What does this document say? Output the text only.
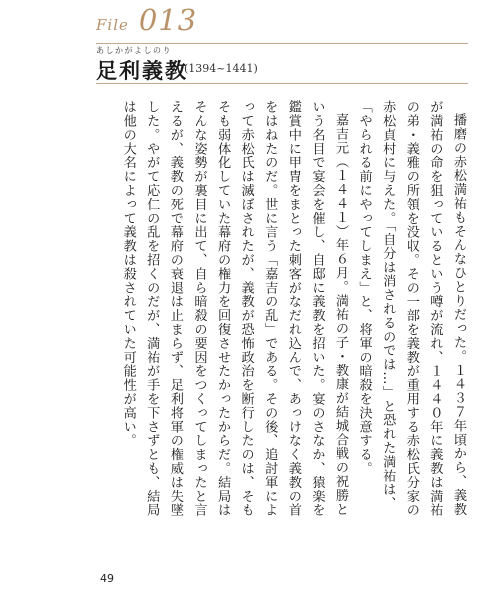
File 013
あしかがよしのり
足利義教
(1394~1441)

播磨の赤松満祐もそんなひとりだった。１４３７年頃から、義教が満祐の命を狙っているという噂が流れ、１４４０年に義教は満祐の弟・義雅の所領を没収。その一部を義教が重用する赤松氏分家の赤松貞村に与えた。「自分は消されるのでは…」と恐れた満祐は、「やられる前にやってしまえ」と、将軍の暗殺を決意する。

嘉吉元（１４４１）年６月。満祐の子・教康が結城合戦の祝勝という名目で宴会を催し、自邸に義教を招いた。宴のさなか、猿楽を鑑賞中に甲冑をまとった刺客がなだれ込んで、あっけなく義教の首をはねたのだ。世に言う「嘉吉の乱」である。その後、追討軍によって赤松氏は滅ぼされたが、義教が恐怖政治を断行したのは、そもそも弱体化していた幕府の権力を回復させたかったからだ。結局はそんな姿勢が裏目に出て、自ら暗殺の要因をつくってしまったと言えるが、義教の死で幕府の衰退は止まらず、足利将軍の権威は失墜した。やがて応仁の乱を招くのだが、満祐が手を下さずとも、結局は他の大名によって義教は殺されていた可能性が高い。

49
